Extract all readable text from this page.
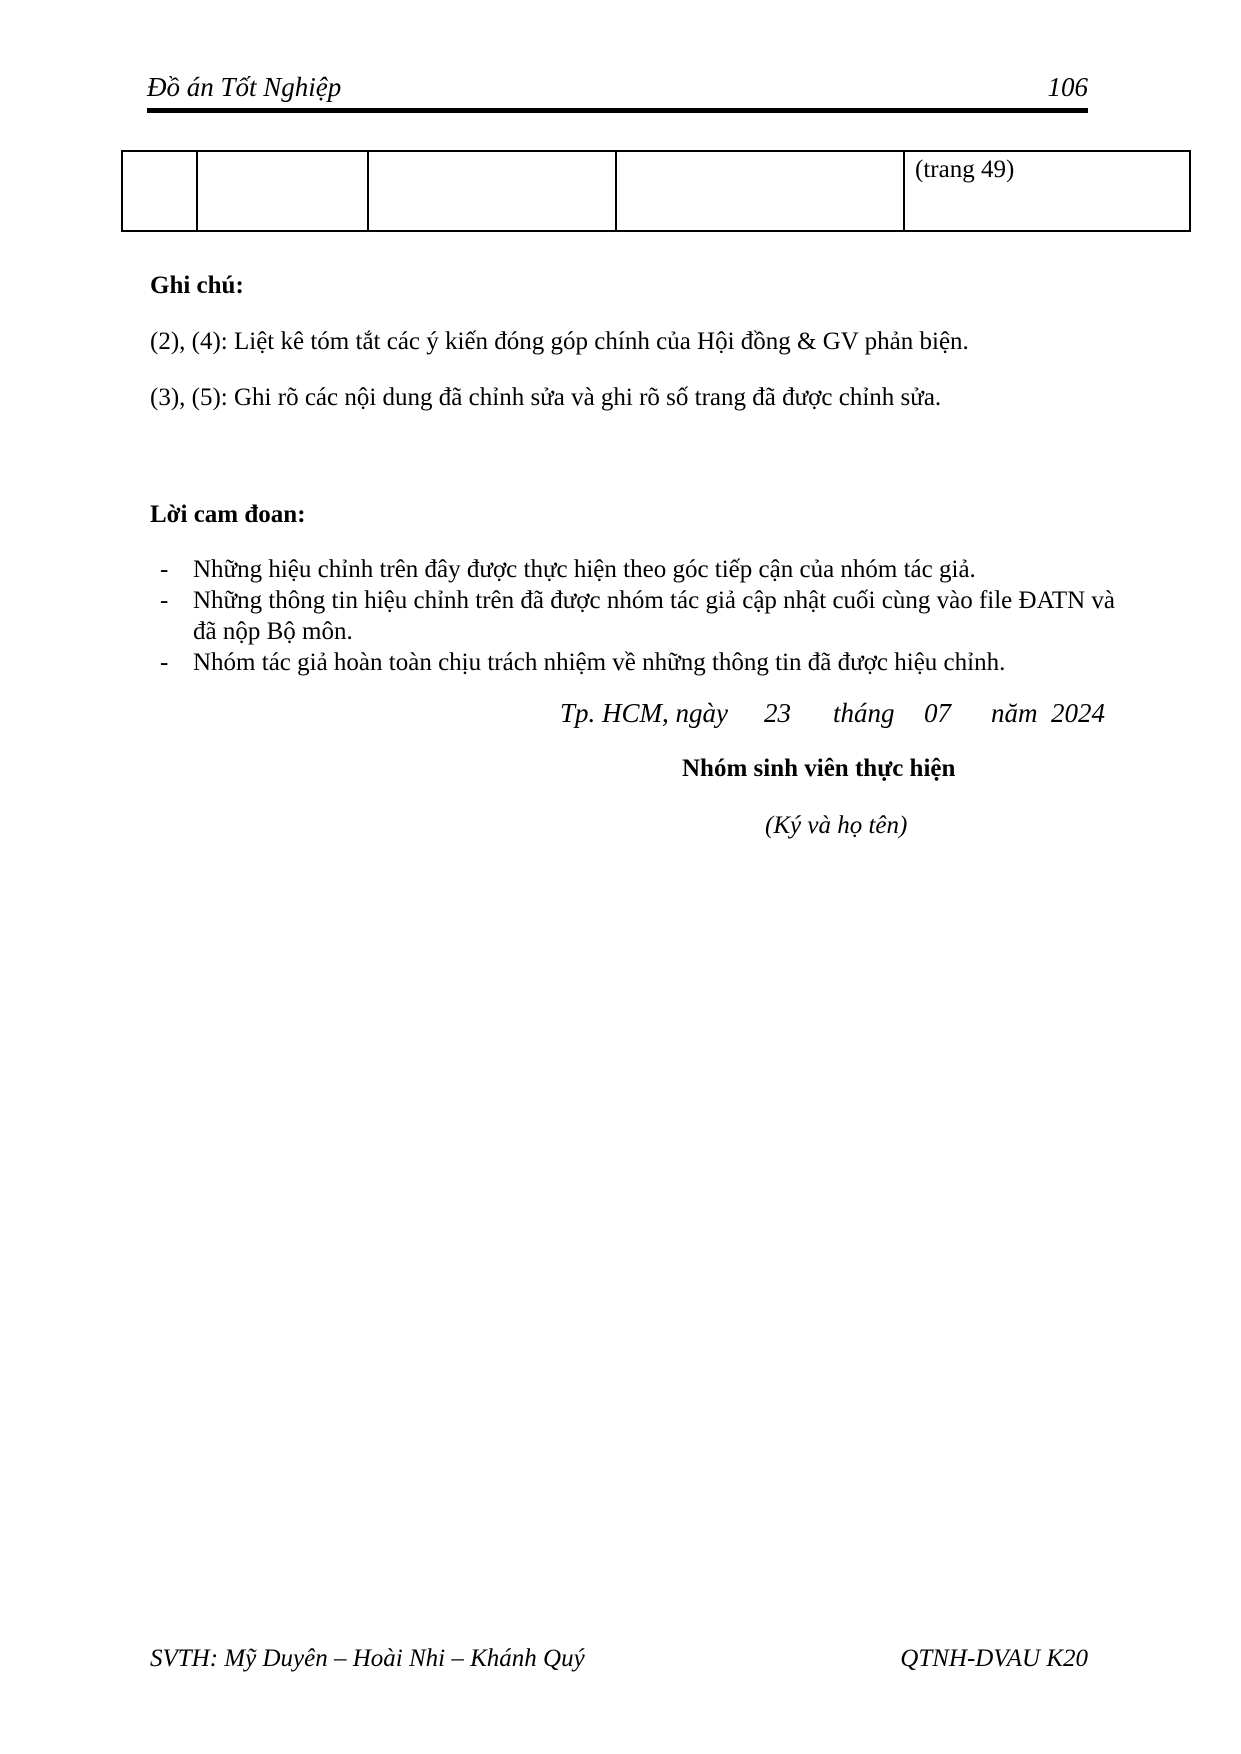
Đồ án Tốt Nghiệp	106
				(trang 49)
Ghi chú:
(2), (4): Liệt kê tóm tắt các ý kiến đóng góp chính của Hội đồng & GV phản biện.
(3), (5): Ghi rõ các nội dung đã chỉnh sửa và ghi rõ số trang đã được chỉnh sửa.
Lời cam đoan:
- Những hiệu chỉnh trên đây được thực hiện theo góc tiếp cận của nhóm tác giả.
- Những thông tin hiệu chỉnh trên đã được nhóm tác giả cập nhật cuối cùng vào file ĐATN và đã nộp Bộ môn.
- Nhóm tác giả hoàn toàn chịu trách nhiệm về những thông tin đã được hiệu chỉnh.
Tp. HCM, ngày 23 tháng 07 năm 2024
Nhóm sinh viên thực hiện
(Ký và họ tên)
SVTH: Mỹ Duyên – Hoài Nhi – Khánh Quý	QTNH-DVAU K20
